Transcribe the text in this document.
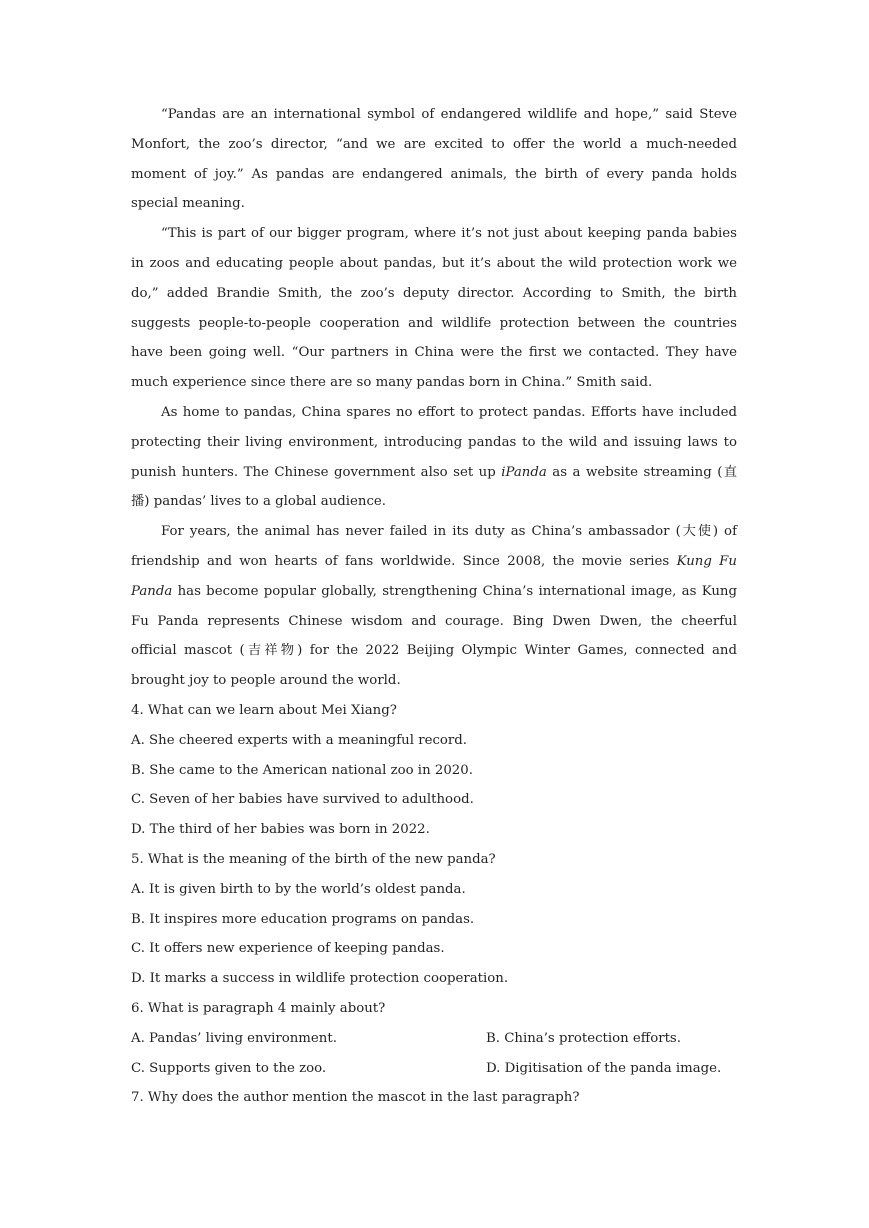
“Pandas are an international symbol of endangered wildlife and hope,” said Steve Monfort, the zoo’s director, “and we are excited to offer the world a much-needed moment of joy.” As pandas are endangered animals, the birth of every panda holds special meaning.

“This is part of our bigger program, where it’s not just about keeping panda babies in zoos and educating people about pandas, but it’s about the wild protection work we do,” added Brandie Smith, the zoo’s deputy director. According to Smith, the birth suggests people-to-people cooperation and wildlife protection between the countries have been going well. “Our partners in China were the first we contacted. They have much experience since there are so many pandas born in China.” Smith said.

As home to pandas, China spares no effort to protect pandas. Efforts have included protecting their living environment, introducing pandas to the wild and issuing laws to punish hunters. The Chinese government also set up iPanda as a website streaming (直播) pandas’ lives to a global audience.

For years, the animal has never failed in its duty as China’s ambassador (大使) of friendship and won hearts of fans worldwide. Since 2008, the movie series Kung Fu Panda has become popular globally, strengthening China’s international image, as Kung Fu Panda represents Chinese wisdom and courage. Bing Dwen Dwen, the cheerful official mascot (吉祥物) for the 2022 Beijing Olympic Winter Games, connected and brought joy to people around the world.

4. What can we learn about Mei Xiang?

A. She cheered experts with a meaningful record.

B. She came to the American national zoo in 2020.

C. Seven of her babies have survived to adulthood.

D. The third of her babies was born in 2022.

5. What is the meaning of the birth of the new panda?

A. It is given birth to by the world’s oldest panda.

B. It inspires more education programs on pandas.

C. It offers new experience of keeping pandas.

D. It marks a success in wildlife protection cooperation.

6. What is paragraph 4 mainly about?

A. Pandas’ living environment.	B. China’s protection efforts.
C. Supports given to the zoo.	D. Digitisation of the panda image.

7. Why does the author mention the mascot in the last paragraph?
